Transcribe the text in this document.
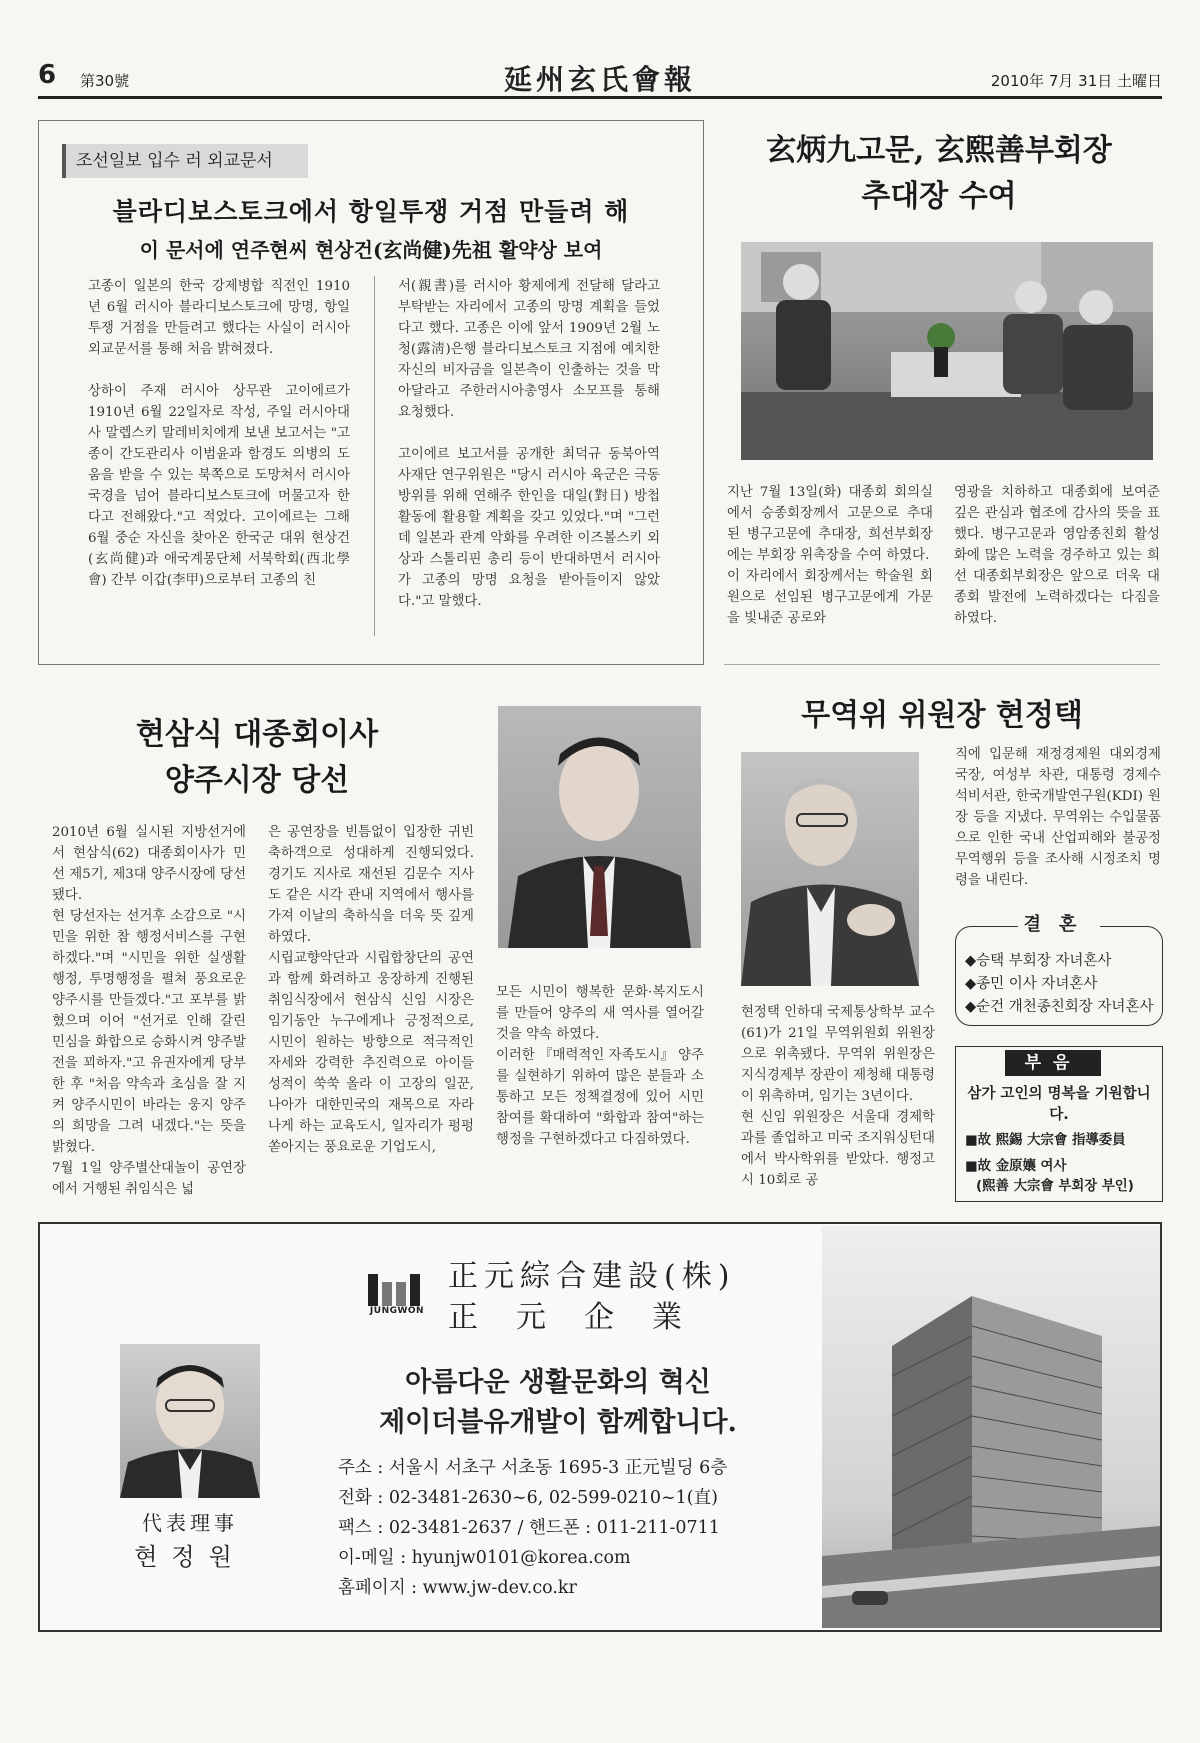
6 第30號	延州玄氏會報	2010年 7月 31日 土曜日
조선일보 입수 러 외교문서
블라디보스토크에서 항일투쟁 거점 만들려 해
이 문서에 연주현씨 현상건(玄尚健)先祖 활약상 보여
고종이 일본의 한국 강제병합 직전인 1910년 6월 러시아 블라디보스토크에 망명, 항일투쟁 거점을 만들려고 했다는 사실이 러시아 외교문서를 통해 처음 밝혀졌다.

상하이 주재 러시아 상무관 고이에르가 1910년 6월 22일자로 작성, 주일 러시아대사 말렙스키 말레비치에게 보낸 보고서는 "고종이 간도관리사 이범윤과 함경도 의병의 도움을 받을 수 있는 북쪽으로 도망쳐서 러시아 국경을 넘어 블라디보스토크에 머물고자 한다고 전해왔다."고 적었다. 고이에르는 그해 6월 중순 자신을 찾아온 한국군 대위 현상건(玄尚健)과 애국계몽단체 서북학회(西北學會) 간부 이갑(李甲)으로부터 고종의 친
서(親書)를 러시아 황제에게 전달해 달라고 부탁받는 자리에서 고종의 망명 계획을 들었다고 했다. 고종은 이에 앞서 1909년 2월 노청(露淸)은행 블라디보스토크 지점에 예치한 자신의 비자금을 일본측이 인출하는 것을 막아달라고 주한러시아총영사 소모프를 통해 요청했다.

고이에르 보고서를 공개한 최덕규 동북아역사재단 연구위원은 "당시 러시아 육군은 극동 방위를 위해 연해주 한인을 대일(對日) 방첩활동에 활용할 계획을 갖고 있었다."며 "그런데 일본과 관계 악화를 우려한 이즈볼스키 외상과 스톨리핀 총리 등이 반대하면서 러시아가 고종의 망명 요청을 받아들이지 않았다."고 말했다.
玄炳九고문, 玄熙善부회장
추대장 수여
지난 7월 13일(화) 대종회 회의실에서 승종회장께서 고문으로 추대된 병구고문에 추대장, 희선부회장에는 부회장 위촉장을 수여 하였다.
이 자리에서 회장께서는 학술원 회원으로 선임된 병구고문에게 가문을 빛내준 공로와
영광을 치하하고 대종회에 보여준 깊은 관심과 협조에 감사의 뜻을 표했다. 병구고문과 영암종친회 활성화에 많은 노력을 경주하고 있는 희선 대종회부회장은 앞으로 더욱 대종회 발전에 노력하겠다는 다짐을 하였다.
현삼식 대종회이사
양주시장 당선
2010년 6월 실시된 지방선거에서 현삼식(62) 대종회이사가 민선 제5기, 제3대 양주시장에 당선 됐다.
현 당선자는 선거후 소감으로 "시민을 위한 참 행정서비스를 구현하겠다."며 "시민을 위한 실생활 행정, 투명행정을 펼쳐 풍요로운 양주시를 만들겠다."고 포부를 밝혔으며 이어 "선거로 인해 갈린 민심을 화합으로 승화시켜 양주발전을 꾀하자."고 유권자에게 당부한 후 "처음 약속과 초심을 잘 지켜 양주시민이 바라는 웅지 양주의 희망을 그려 내겠다."는 뜻을 밝혔다.
7월 1일 양주별산대놀이 공연장에서 거행된 취임식은 넓
은 공연장을 빈틈없이 입장한 귀빈 축하객으로 성대하게 진행되었다. 경기도 지사로 재선된 김문수 지사도 같은 시각 관내 지역에서 행사를 가져 이날의 축하식을 더욱 뜻 깊게 하였다.
시립교향악단과 시립합창단의 공연과 함께 화려하고 웅장하게 진행된 취임식장에서 현삼식 신임 시장은 임기동안 누구에게나 긍정적으로, 시민이 원하는 방향으로 적극적인 자세와 강력한 추진력으로 아이들 성적이 쑥쑥 올라 이 고장의 일꾼, 나아가 대한민국의 재목으로 자라나게 하는 교육도시, 일자리가 펑펑 쏟아지는 풍요로운 기업도시,
모든 시민이 행복한 문화·복지도시를 만들어 양주의 새 역사를 열어갈 것을 약속 하였다.
이러한 『매력적인 자족도시』 양주를 실현하기 위하여 많은 분들과 소통하고 모든 정책결정에 있어 시민 참여를 확대하여 "화합과 참여"하는 행정을 구현하겠다고 다짐하였다.
무역위 위원장 현정택
직에 입문해 재정경제원 대외경제국장, 여성부 차관, 대통령 경제수석비서관, 한국개발연구원(KDI) 원장 등을 지냈다. 무역위는 수입물품으로 인한 국내 산업피해와 불공정 무역행위 등을 조사해 시정조치 명령을 내린다.
현정택 인하대 국제통상학부 교수(61)가 21일 무역위원회 위원장으로 위촉됐다. 무역위 위원장은 지식경제부 장관이 제청해 대통령이 위촉하며, 임기는 3년이다.
현 신임 위원장은 서울대 경제학과를 졸업하고 미국 조지워싱턴대에서 박사학위를 받았다. 행정고시 10회로 공
결혼
◆승택 부회장 자녀혼사
◆종민 이사 자녀혼사
◆순건 개천종친회장 자녀혼사
부음
삼가 고인의 명복을 기원합니다.
■故 熙錫 大宗會 指導委員
■故 金原孃 여사
(熙善 大宗會 부회장 부인)
JUNGWON
正元綜合建設(株)
正元企業
아름다운 생활문화의 혁신
제이더블유개발이 함께합니다.
주소 : 서울시 서초구 서초동 1695-3 正元빌딩 6층
전화 : 02-3481-2630~6, 02-599-0210~1(直)
팩스 : 02-3481-2637 / 핸드폰 : 011-211-0711
이-메일 : hyunjw0101@korea.com
홈페이지 : www.jw-dev.co.kr
代表理事
현정원
